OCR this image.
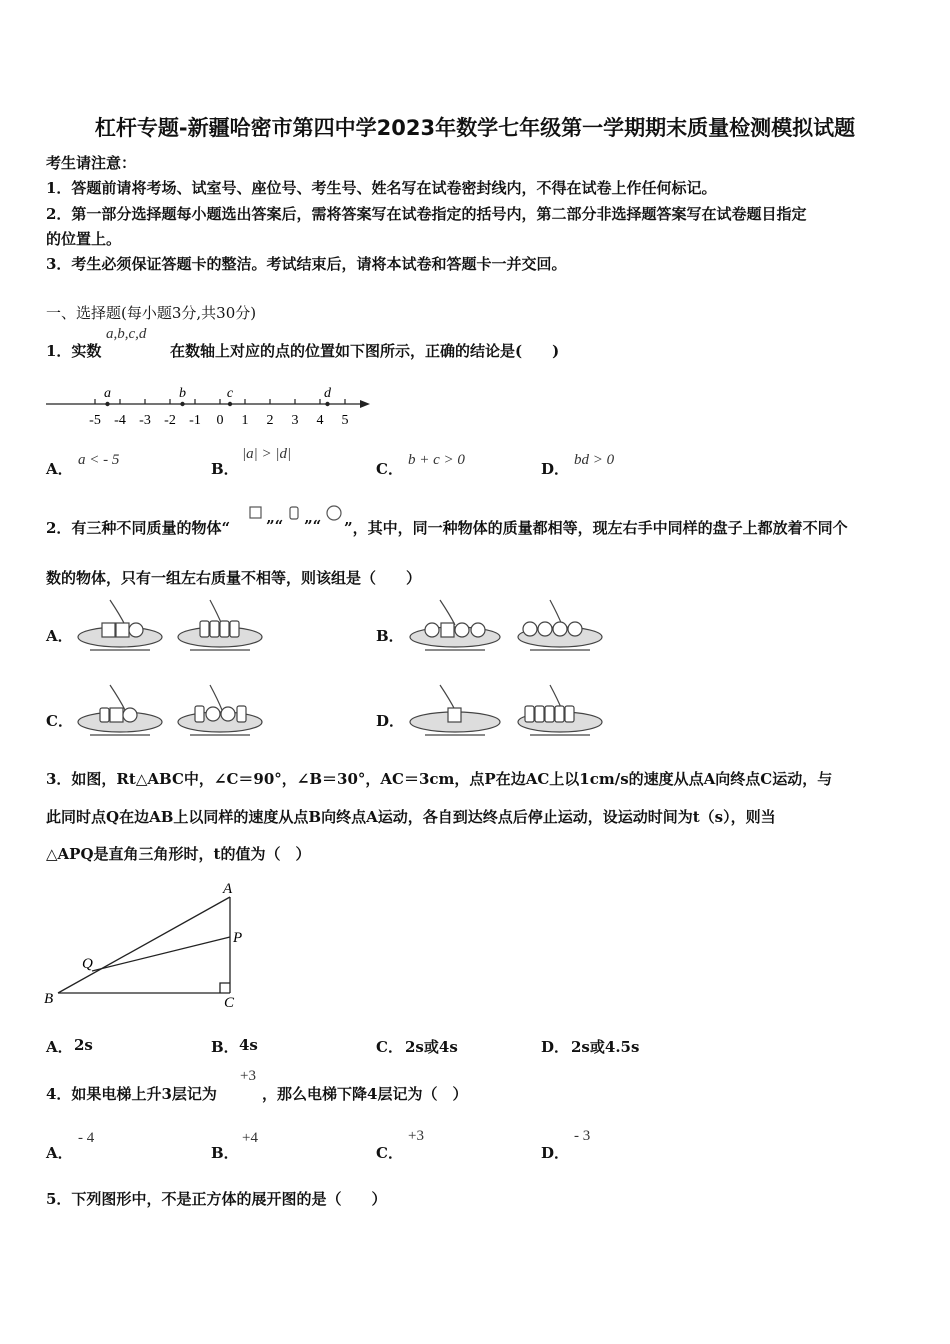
杠杆专题-新疆哈密市第四中学2023年数学七年级第一学期期末质量检测模拟试题
考生请注意：
1．答题前请将考场、试室号、座位号、考生号、姓名写在试卷密封线内，不得在试卷上作任何标记。
2．第一部分选择题每小题选出答案后，需将答案写在试卷指定的括号内，第二部分非选择题答案写在试卷题目指定
的位置上。
3．考生必须保证答题卡的整洁。考试结束后，请将本试卷和答题卡一并交回。
一、选择题(每小题3分,共30分)
1．实数
a,b,c,d
在数轴上对应的点的位置如下图所示，正确的结论是(　　)
-5 -4 -3 -2 -1 0 1 2 3 4 5
a	b	c	d
A． a < - 5	B．
|a| > |d|
C． b + c > 0	D． bd > 0
2．有三种不同质量的物体“ ”“ ”“ ”，其中，同一种物体的质量都相等，现左右手中同样的盘子上都放着不同个
数的物体，只有一组左右质量不相等，则该组是（　　）
A．	B．
C．	D．
3．如图，Rt△ABC中，∠C＝90°，∠B＝30°，AC＝3cm，点P在边AC上以1cm/s的速度从点A向终点C运动，与
此同时点Q在边AB上以同样的速度从点B向终点A运动，各自到达终点后停止运动，设运动时间为t（s），则当
△APQ是直角三角形时，t的值为（　）
A
P
Q
B	C
A． 2s	B． 4s	C． 2s或4s	D． 2s或4.5s
4．如果电梯上升3层记为
+3
，那么电梯下降4层记为（　）
A．
- 4
B．
+4
C．
+3
D．
- 3
5．下列图形中，不是正方体的展开图的是（　　）
